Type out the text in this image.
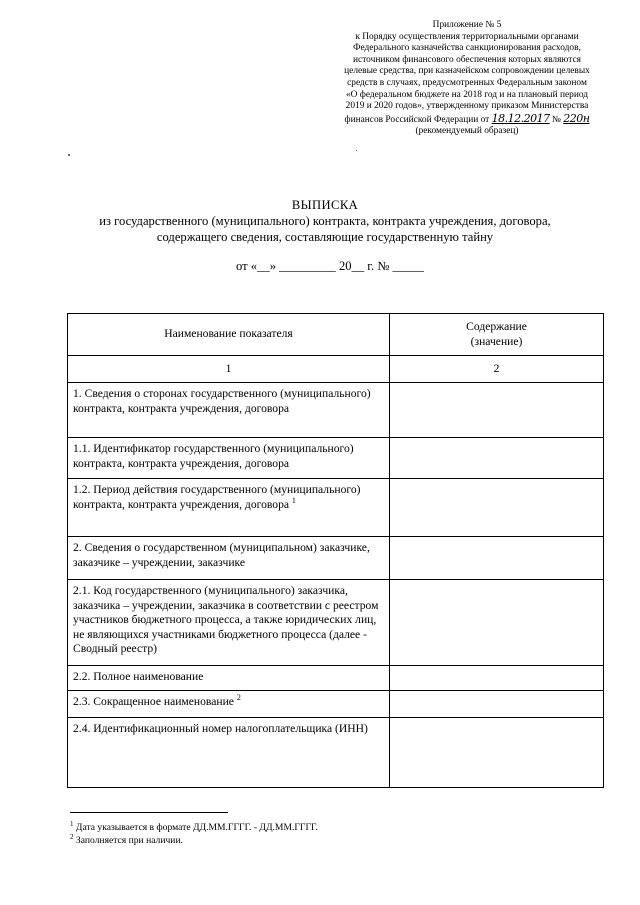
Приложение № 5
к Порядку осуществления территориальными органами
Федерального казначейства санкционирования расходов,
источником финансового обеспечения которых являются
целевые средства, при казначейском сопровождении целевых
средств в случаях, предусмотренных Федеральным законом
«О федеральном бюджете на 2018 год и на плановый период
2019 и 2020 годов», утвержденному приказом Министерства
финансов Российской Федерации от 18.12.2017 № 220н
(рекомендуемый образец)
ВЫПИСКА
из государственного (муниципального) контракта, контракта учреждения, договора,
содержащего сведения, составляющие государственную тайну
от «__» _________ 20__ г. № _____
Наименование показателя	Содержание
(значение)

1	2
1. Сведения о сторонах государственного (муниципального) контракта, контракта учреждения, договора	
1.1. Идентификатор государственного (муниципального) контракта, контракта учреждения, договора	
1.2. Период действия государственного (муниципального) контракта, контракта учреждения, договора $^1$	
2. Сведения о государственном (муниципальном) заказчике, заказчике – учреждении, заказчике	
2.1. Код государственного (муниципального) заказчика, заказчика – учреждении, заказчика в соответствии с реестром участников бюджетного процесса, а также юридических лиц, не являющихся участниками бюджетного процесса (далее - Сводный реестр)	
2.2. Полное наименование	
2.3. Сокращенное наименование $^2$	
2.4. Идентификационный номер налогоплательщика (ИНН)	
$^1$ Дата указывается в формате ДД.ММ.ГГГГ. - ДД.ММ.ГГГГ.
$^2$ Заполняется при наличии.
